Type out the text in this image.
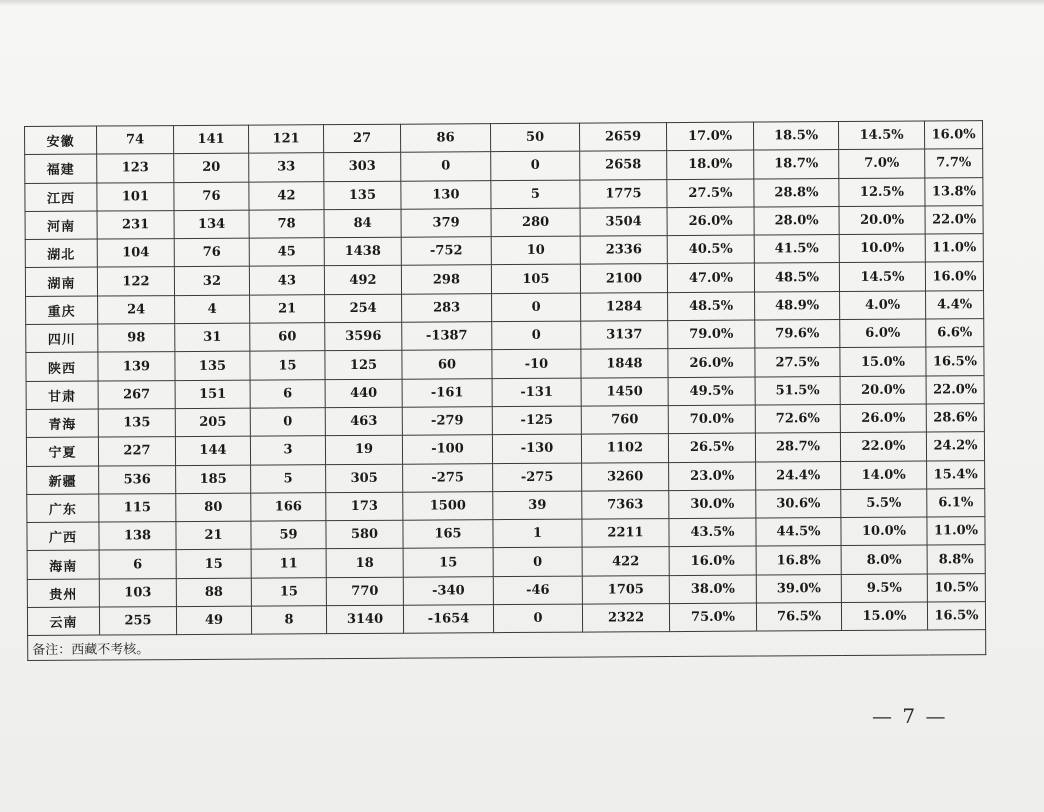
安徽	74	141	121	27	86	50	2659	17.0%	18.5%	14.5%	16.0%
福建	123	20	33	303	0	0	2658	18.0%	18.7%	7.0%	7.7%
江西	101	76	42	135	130	5	1775	27.5%	28.8%	12.5%	13.8%
河南	231	134	78	84	379	280	3504	26.0%	28.0%	20.0%	22.0%
湖北	104	76	45	1438	-752	10	2336	40.5%	41.5%	10.0%	11.0%
湖南	122	32	43	492	298	105	2100	47.0%	48.5%	14.5%	16.0%
重庆	24	4	21	254	283	0	1284	48.5%	48.9%	4.0%	4.4%
四川	98	31	60	3596	-1387	0	3137	79.0%	79.6%	6.0%	6.6%
陕西	139	135	15	125	60	-10	1848	26.0%	27.5%	15.0%	16.5%
甘肃	267	151	6	440	-161	-131	1450	49.5%	51.5%	20.0%	22.0%
青海	135	205	0	463	-279	-125	760	70.0%	72.6%	26.0%	28.6%
宁夏	227	144	3	19	-100	-130	1102	26.5%	28.7%	22.0%	24.2%
新疆	536	185	5	305	-275	-275	3260	23.0%	24.4%	14.0%	15.4%
广东	115	80	166	173	1500	39	7363	30.0%	30.6%	5.5%	6.1%
广西	138	21	59	580	165	1	2211	43.5%	44.5%	10.0%	11.0%
海南	6	15	11	18	15	0	422	16.0%	16.8%	8.0%	8.8%
贵州	103	88	15	770	-340	-46	1705	38.0%	39.0%	9.5%	10.5%
云南	255	49	8	3140	-1654	0	2322	75.0%	76.5%	15.0%	16.5%
备注：西藏不考核。											
— 7 —
